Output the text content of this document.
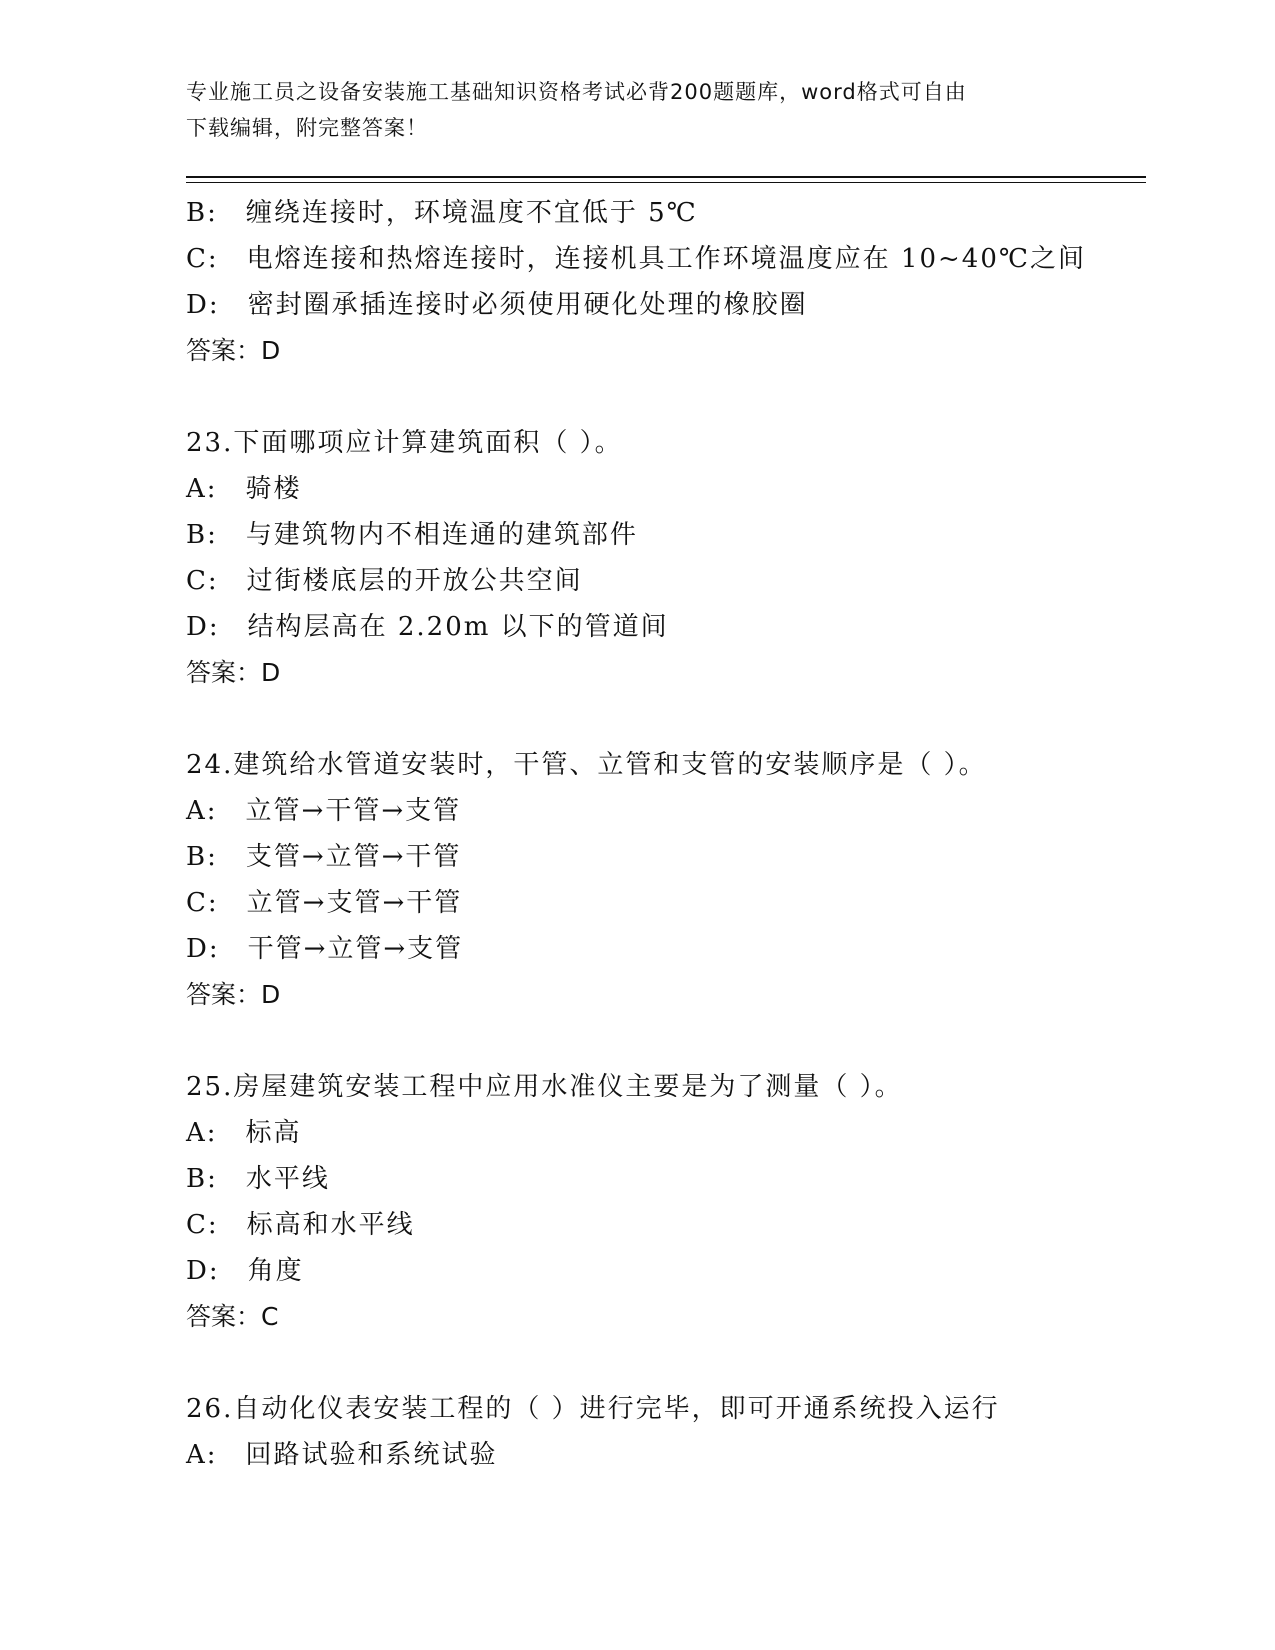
专业施工员之设备安装施工基础知识资格考试必背200题题库，word格式可自由
下载编辑，附完整答案！
B:　缠绕连接时，环境温度不宜低于 5℃
C:　电熔连接和热熔连接时，连接机具工作环境温度应在 10~40℃之间
D:　密封圈承插连接时必须使用硬化处理的橡胶圈
答案：D
23.下面哪项应计算建筑面积（ ）。
A:　骑楼
B:　与建筑物内不相连通的建筑部件
C:　过街楼底层的开放公共空间
D:　结构层高在 2.20m 以下的管道间
答案：D
24.建筑给水管道安装时，干管、立管和支管的安装顺序是（ ）。
A:　立管→干管→支管
B:　支管→立管→干管
C:　立管→支管→干管
D:　干管→立管→支管
答案：D
25.房屋建筑安装工程中应用水准仪主要是为了测量（ ）。
A:　标高
B:　水平线
C:　标高和水平线
D:　角度
答案：C
26.自动化仪表安装工程的（ ）进行完毕，即可开通系统投入运行
A:　回路试验和系统试验
